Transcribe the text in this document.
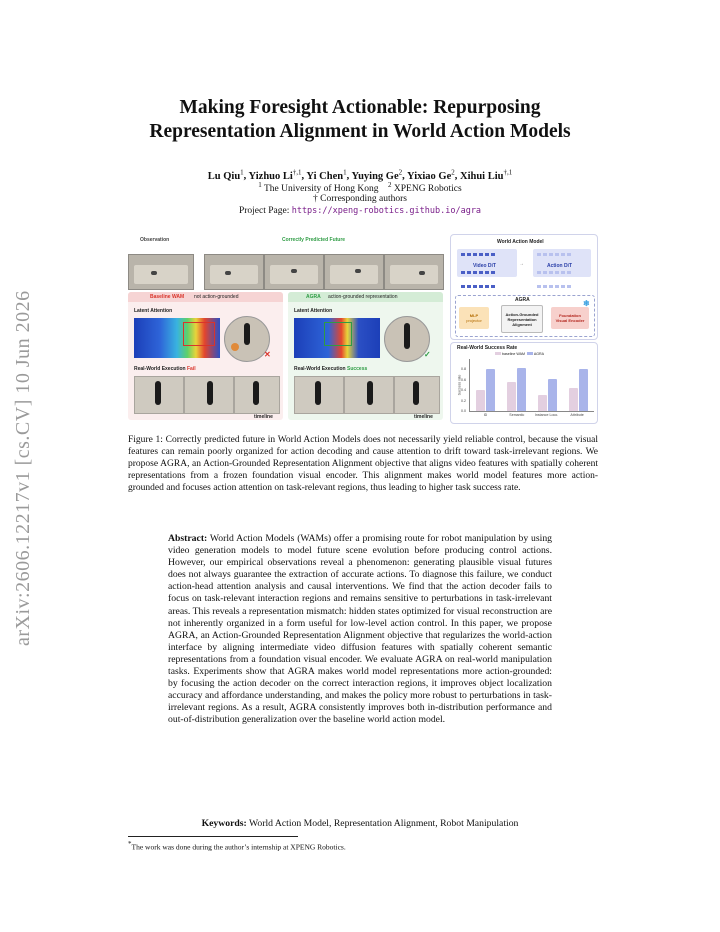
arXiv:2606.12217v1 [cs.CV] 10 Jun 2026
Making Foresight Actionable: Repurposing
Representation Alignment in World Action Models
Lu Qiu$^1$, Yizhuo $Li^{\dagger,1}$, Yi Chen$^1$, Yuying Ge$^2$, Yixiao Ge$^2$, Xihui Liu$^{\dagger,1}$
$^1$ The University of Hong Kong $^2$ XPENG Robotics
† Corresponding authors
Project Page: https://xpeng-robotics.github.io/agra
Observation	Correctly Predicted Future
Baseline WAM not action-grounded
Latent Attention
✕
Real-World Execution Fail
timeline
AGRA action-grounded representation
Latent Attention
✓
Real-World Execution Success
timeline
World Action Model
Video DiT	Action DiT
→
AGRA
MLP
projector
Action-Grounded
Representation
Alignment
Foundation
Visual Encoder
❄
Real-World Success Rate
baseline WAM AGRA
Success rate
0.0
0.2
0.4
0.6
0.8
ID	Semantic	Instance Loco.	Attribute
Figure 1: Correctly predicted future in World Action Models does not necessarily yield reliable control, because the visual features can remain poorly organized for action decoding and cause attention to drift toward task-irrelevant regions. We propose AGRA, an Action-Grounded Representation Alignment objective that aligns video features with spatially coherent representations from a frozen foundation visual encoder. This alignment makes world model features more action-grounded and focuses action attention on task-relevant regions, thus leading to higher task success rate.
Abstract: World Action Models (WAMs) offer a promising route for robot manipulation by using video generation models to model future scene evolution before producing control actions. However, our empirical observations reveal a phenomenon: generating plausible visual futures does not always guarantee the extraction of accurate actions. To diagnose this failure, we conduct action-head attention analysis and causal interventions. We find that the action decoder fails to focus on task-relevant interaction regions and remains sensitive to perturbations in task-irrelevant areas. This reveals a representation mismatch: hidden states optimized for visual reconstruction are not inherently organized in a form useful for low-level action control. In this paper, we propose AGRA, an Action-Grounded Representation Alignment objective that regularizes the world-action interface by aligning intermediate video diffusion features with spatially coherent semantic representations from a foundation visual encoder. We evaluate AGRA on real-world manipulation tasks. Experiments show that AGRA makes world model representations more action-grounded: by focusing the action decoder on the correct interaction regions, it improves object localization accuracy and affordance understanding, and makes the policy more robust to perturbations in task-irrelevant regions. As a result, AGRA consistently improves both in-distribution performance and out-of-distribution generalization over the baseline world action model.
Keywords: World Action Model, Representation Alignment, Robot Manipulation
*The work was done during the author’s internship at XPENG Robotics.
